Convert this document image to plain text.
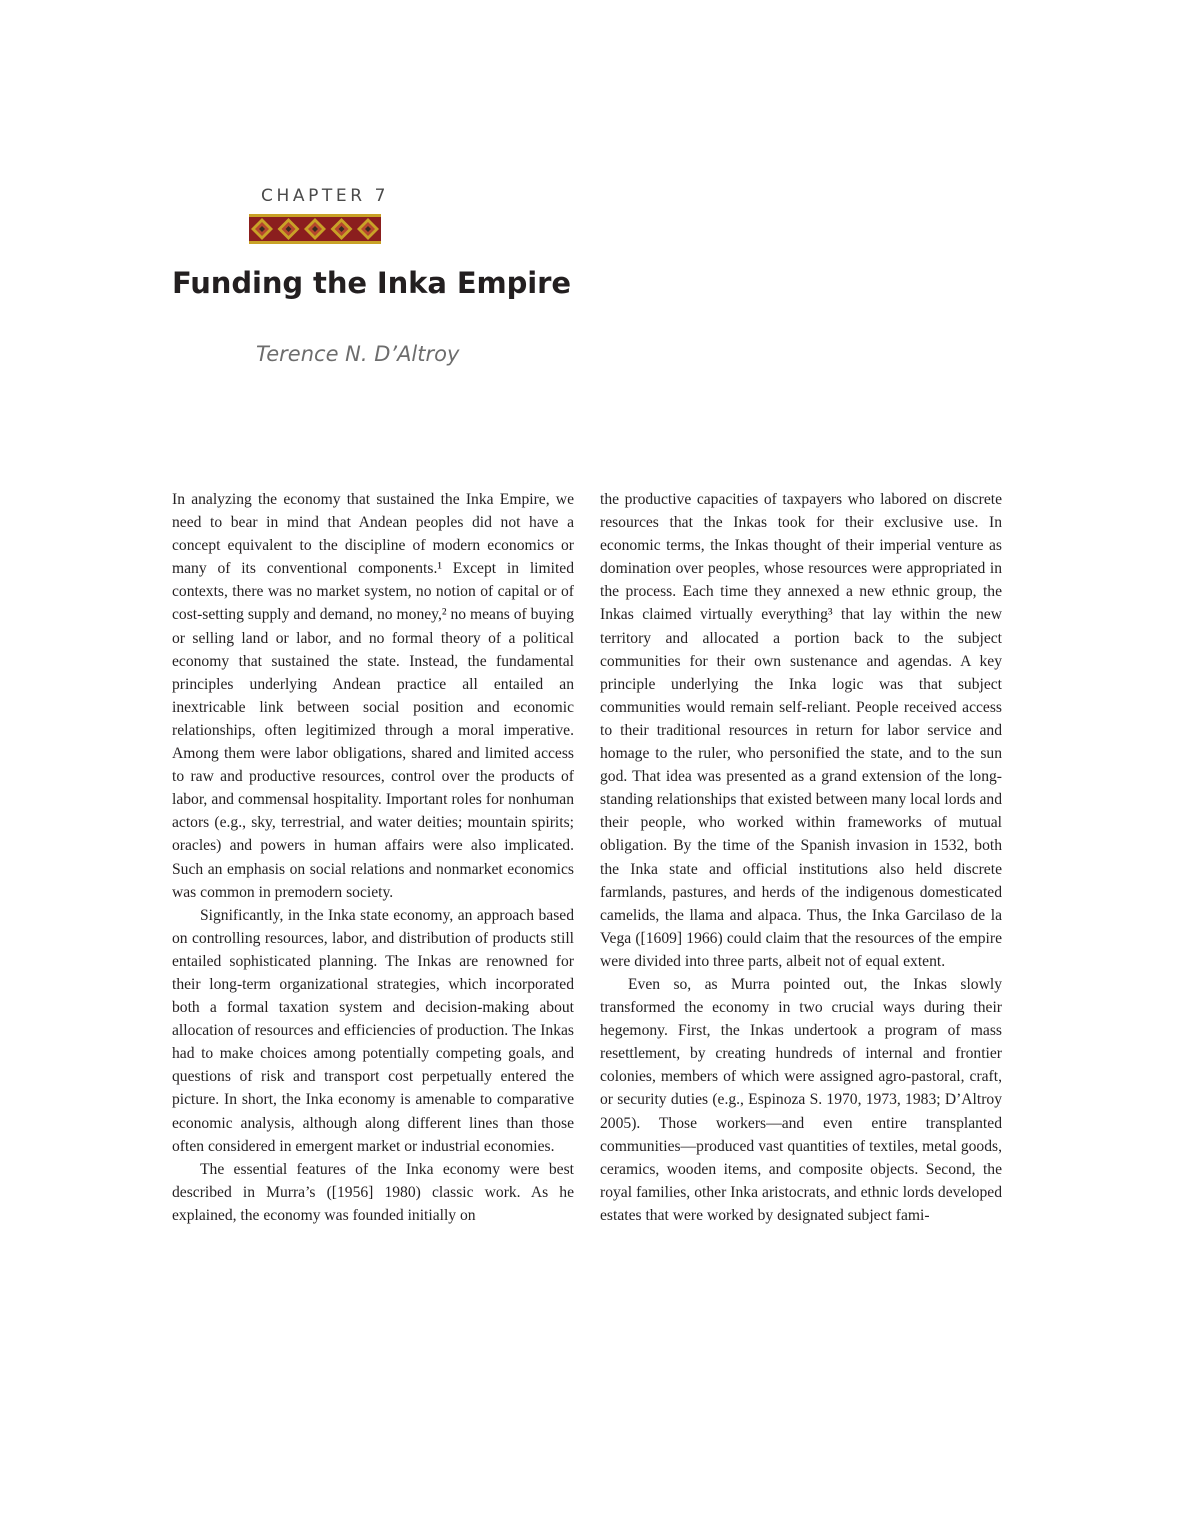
CHAPTER 7
Funding the Inka Empire
Terence N. D’Altroy

In analyzing the economy that sustained the Inka Empire, we need to bear in mind that Andean peoples did not have a concept equivalent to the discipline of modern economics or many of its conventional components.¹ Except in limited contexts, there was no market system, no notion of capital or of cost-setting supply and demand, no money,² no means of buying or selling land or labor, and no formal theory of a political economy that sustained the state. Instead, the fundamental principles underlying Andean practice all entailed an inextricable link between social position and economic relationships, often legitimized through a moral imperative. Among them were labor obligations, shared and limited access to raw and productive resources, control over the products of labor, and commensal hospitality. Important roles for nonhuman actors (e.g., sky, terrestrial, and water deities; mountain spirits; oracles) and powers in human affairs were also implicated. Such an emphasis on social relations and nonmarket economics was common in premodern society.

Significantly, in the Inka state economy, an approach based on controlling resources, labor, and distribution of products still entailed sophisticated planning. The Inkas are renowned for their long-term organizational strategies, which incorporated both a formal taxation system and decision-making about allocation of resources and efficiencies of production. The Inkas had to make choices among potentially competing goals, and questions of risk and transport cost perpetually entered the picture. In short, the Inka economy is amenable to comparative economic analysis, although along different lines than those often considered in emergent market or industrial economies.

The essential features of the Inka economy were best described in Murra’s ([1956] 1980) classic work. As he explained, the economy was founded initially on

the productive capacities of taxpayers who labored on discrete resources that the Inkas took for their exclusive use. In economic terms, the Inkas thought of their imperial venture as domination over peoples, whose resources were appropriated in the process. Each time they annexed a new ethnic group, the Inkas claimed virtually everything³ that lay within the new territory and allocated a portion back to the subject communities for their own sustenance and agendas. A key principle underlying the Inka logic was that subject communities would remain self-reliant. People received access to their traditional resources in return for labor service and homage to the ruler, who personified the state, and to the sun god. That idea was presented as a grand extension of the long-standing relationships that existed between many local lords and their people, who worked within frameworks of mutual obligation. By the time of the Spanish invasion in 1532, both the Inka state and official institutions also held discrete farmlands, pastures, and herds of the indigenous domesticated camelids, the llama and alpaca. Thus, the Inka Garcilaso de la Vega ([1609] 1966) could claim that the resources of the empire were divided into three parts, albeit not of equal extent.

Even so, as Murra pointed out, the Inkas slowly transformed the economy in two crucial ways during their hegemony. First, the Inkas undertook a program of mass resettlement, by creating hundreds of internal and frontier colonies, members of which were assigned agro-pastoral, craft, or security duties (e.g., Espinoza S. 1970, 1973, 1983; D’Altroy 2005). Those workers—and even entire transplanted communities—produced vast quantities of textiles, metal goods, ceramics, wooden items, and composite objects. Second, the royal families, other Inka aristocrats, and ethnic lords developed estates that were worked by designated subject fami-
